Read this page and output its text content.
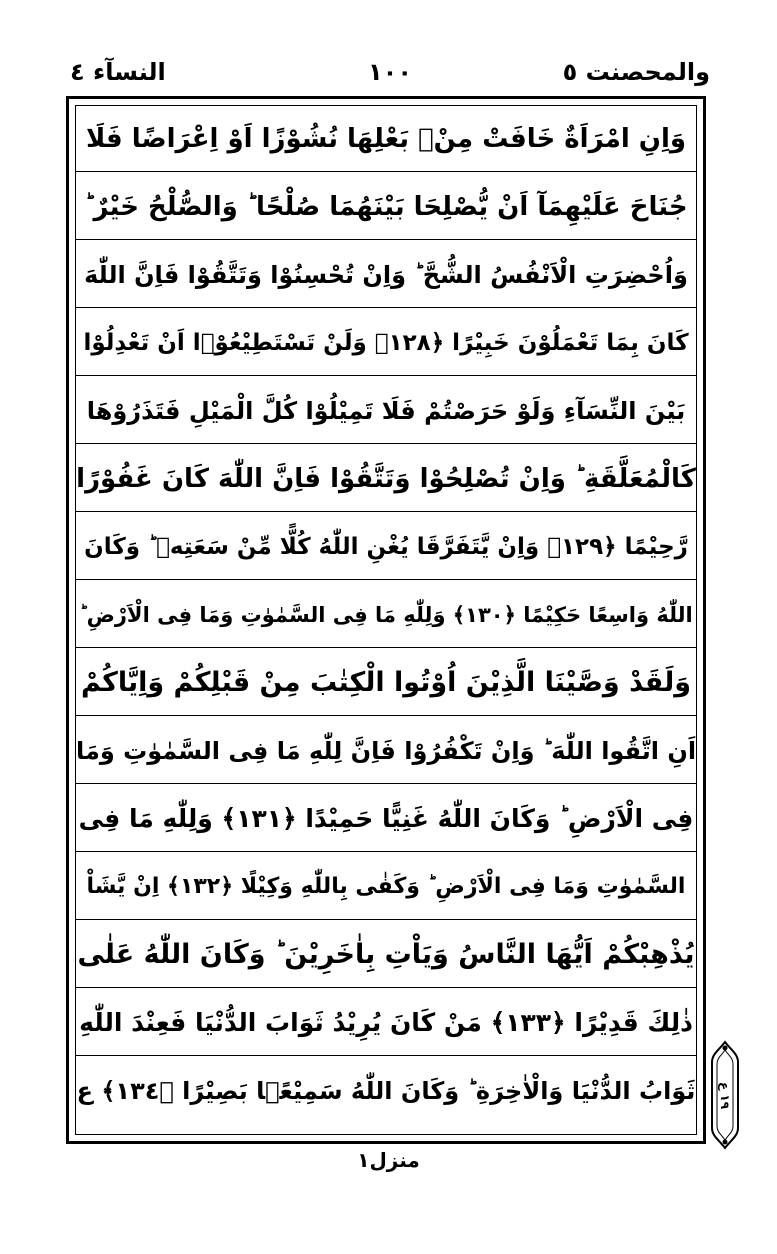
والمحصنت ٥
١٠٠
النسآء ٤
وَاِنِ امْرَاَةٌ خَافَتْ مِنْۢ بَعْلِهَا نُشُوْزًا اَوْ اِعْرَاضًا فَلَا
جُنَاحَ عَلَيْهِمَآ اَنْ يُّصْلِحَا بَيْنَهُمَا صُلْحًا ؕ وَالصُّلْحُ خَيْرٌ ؕ
وَاُحْضِرَتِ الْاَنْفُسُ الشُّحَّ ؕ وَاِنْ تُحْسِنُوْا وَتَتَّقُوْا فَاِنَّ اللّٰهَ
كَانَ بِمَا تَعْمَلُوْنَ خَبِيْرًا ﴿١٢٨﴾ وَلَنْ تَسْتَطِيْعُوْۤا اَنْ تَعْدِلُوْا
بَيْنَ النِّسَآءِ وَلَوْ حَرَصْتُمْ فَلَا تَمِيْلُوْا كُلَّ الْمَيْلِ فَتَذَرُوْهَا
كَالْمُعَلَّقَةِ ؕ وَاِنْ تُصْلِحُوْا وَتَتَّقُوْا فَاِنَّ اللّٰهَ كَانَ غَفُوْرًا
رَّحِيْمًا ﴿١٢٩﴾ وَاِنْ يَّتَفَرَّقَا يُغْنِ اللّٰهُ كُلًّا مِّنْ سَعَتِهٖ ؕ وَكَانَ
اللّٰهُ وَاسِعًا حَكِيْمًا ﴿١٣٠﴾ وَلِلّٰهِ مَا فِى السَّمٰوٰتِ وَمَا فِى الْاَرْضِ ؕ
وَلَقَدْ وَصَّيْنَا الَّذِيْنَ اُوْتُوا الْكِتٰبَ مِنْ قَبْلِكُمْ وَاِيَّاكُمْ
اَنِ اتَّقُوا اللّٰهَ ؕ وَاِنْ تَكْفُرُوْا فَاِنَّ لِلّٰهِ مَا فِى السَّمٰوٰتِ وَمَا
فِى الْاَرْضِ ؕ وَكَانَ اللّٰهُ غَنِيًّا حَمِيْدًا ﴿١٣١﴾ وَلِلّٰهِ مَا فِى
السَّمٰوٰتِ وَمَا فِى الْاَرْضِ ؕ وَكَفٰى بِاللّٰهِ وَكِيْلًا ﴿١٣٢﴾ اِنْ يَّشَاْ
يُذْهِبْكُمْ اَيُّهَا النَّاسُ وَيَاْتِ بِاٰخَرِيْنَ ؕ وَكَانَ اللّٰهُ عَلٰى
ذٰلِكَ قَدِيْرًا ﴿١٣٣﴾ مَنْ كَانَ يُرِيْدُ ثَوَابَ الدُّنْيَا فَعِنْدَ اللّٰهِ
ثَوَابُ الدُّنْيَا وَالْاٰخِرَةِ ؕ وَكَانَ اللّٰهُ سَمِيْعًۢا بَصِيْرًا ﴿١٣٤﴾ ع	١٩ ع
منزل١
